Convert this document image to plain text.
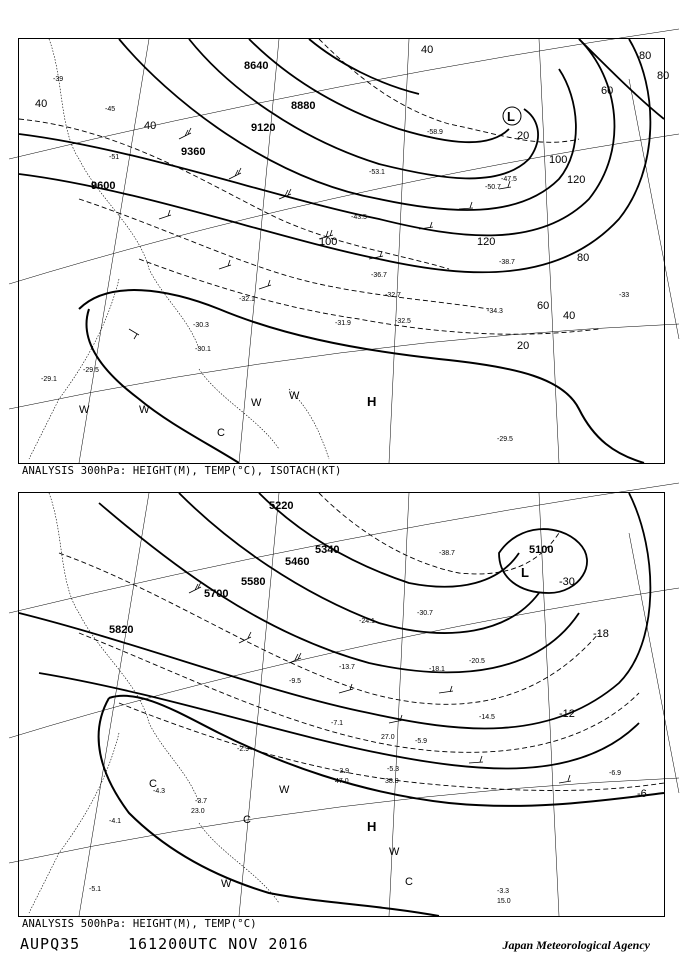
8880
9120
9360
9600
8640
40
40
60
80
100
120
100	120
80
60
40
20
20
80
40
L
H
W	W
W
C
W
-39
-45
-51
-53.1
-58.9
-50.7
-47.5
-43.5
-38.7
-36.7
-32.1
-31.9
-32.7
-32.5
-34.3
-30.3
-30.1
-29.5
-29.1
-33
-29.5
ANALYSIS 300hPa: HEIGHT(M), TEMP(°C), ISOTACH(KT)
5220
5340
5460
5580
5700
5820
5100
-30
-18
-12
-6
L
H
C	W
C
W
W	C
-38.7
-30.7
-24.1
-20.5
-18.1
-14.5
-13.7
-9.5
-7.1
-5.9
-5.3
-6.9
-3.3
-3.9
-4.1
-5.1
-2.9
-3.7
-4.3
15.0
23.0
27.0
38.0
47.0
ANALYSIS 500hPa: HEIGHT(M), TEMP(°C)
AUPQ35	161200UTC NOV 2016	Japan Meteorological Agency
